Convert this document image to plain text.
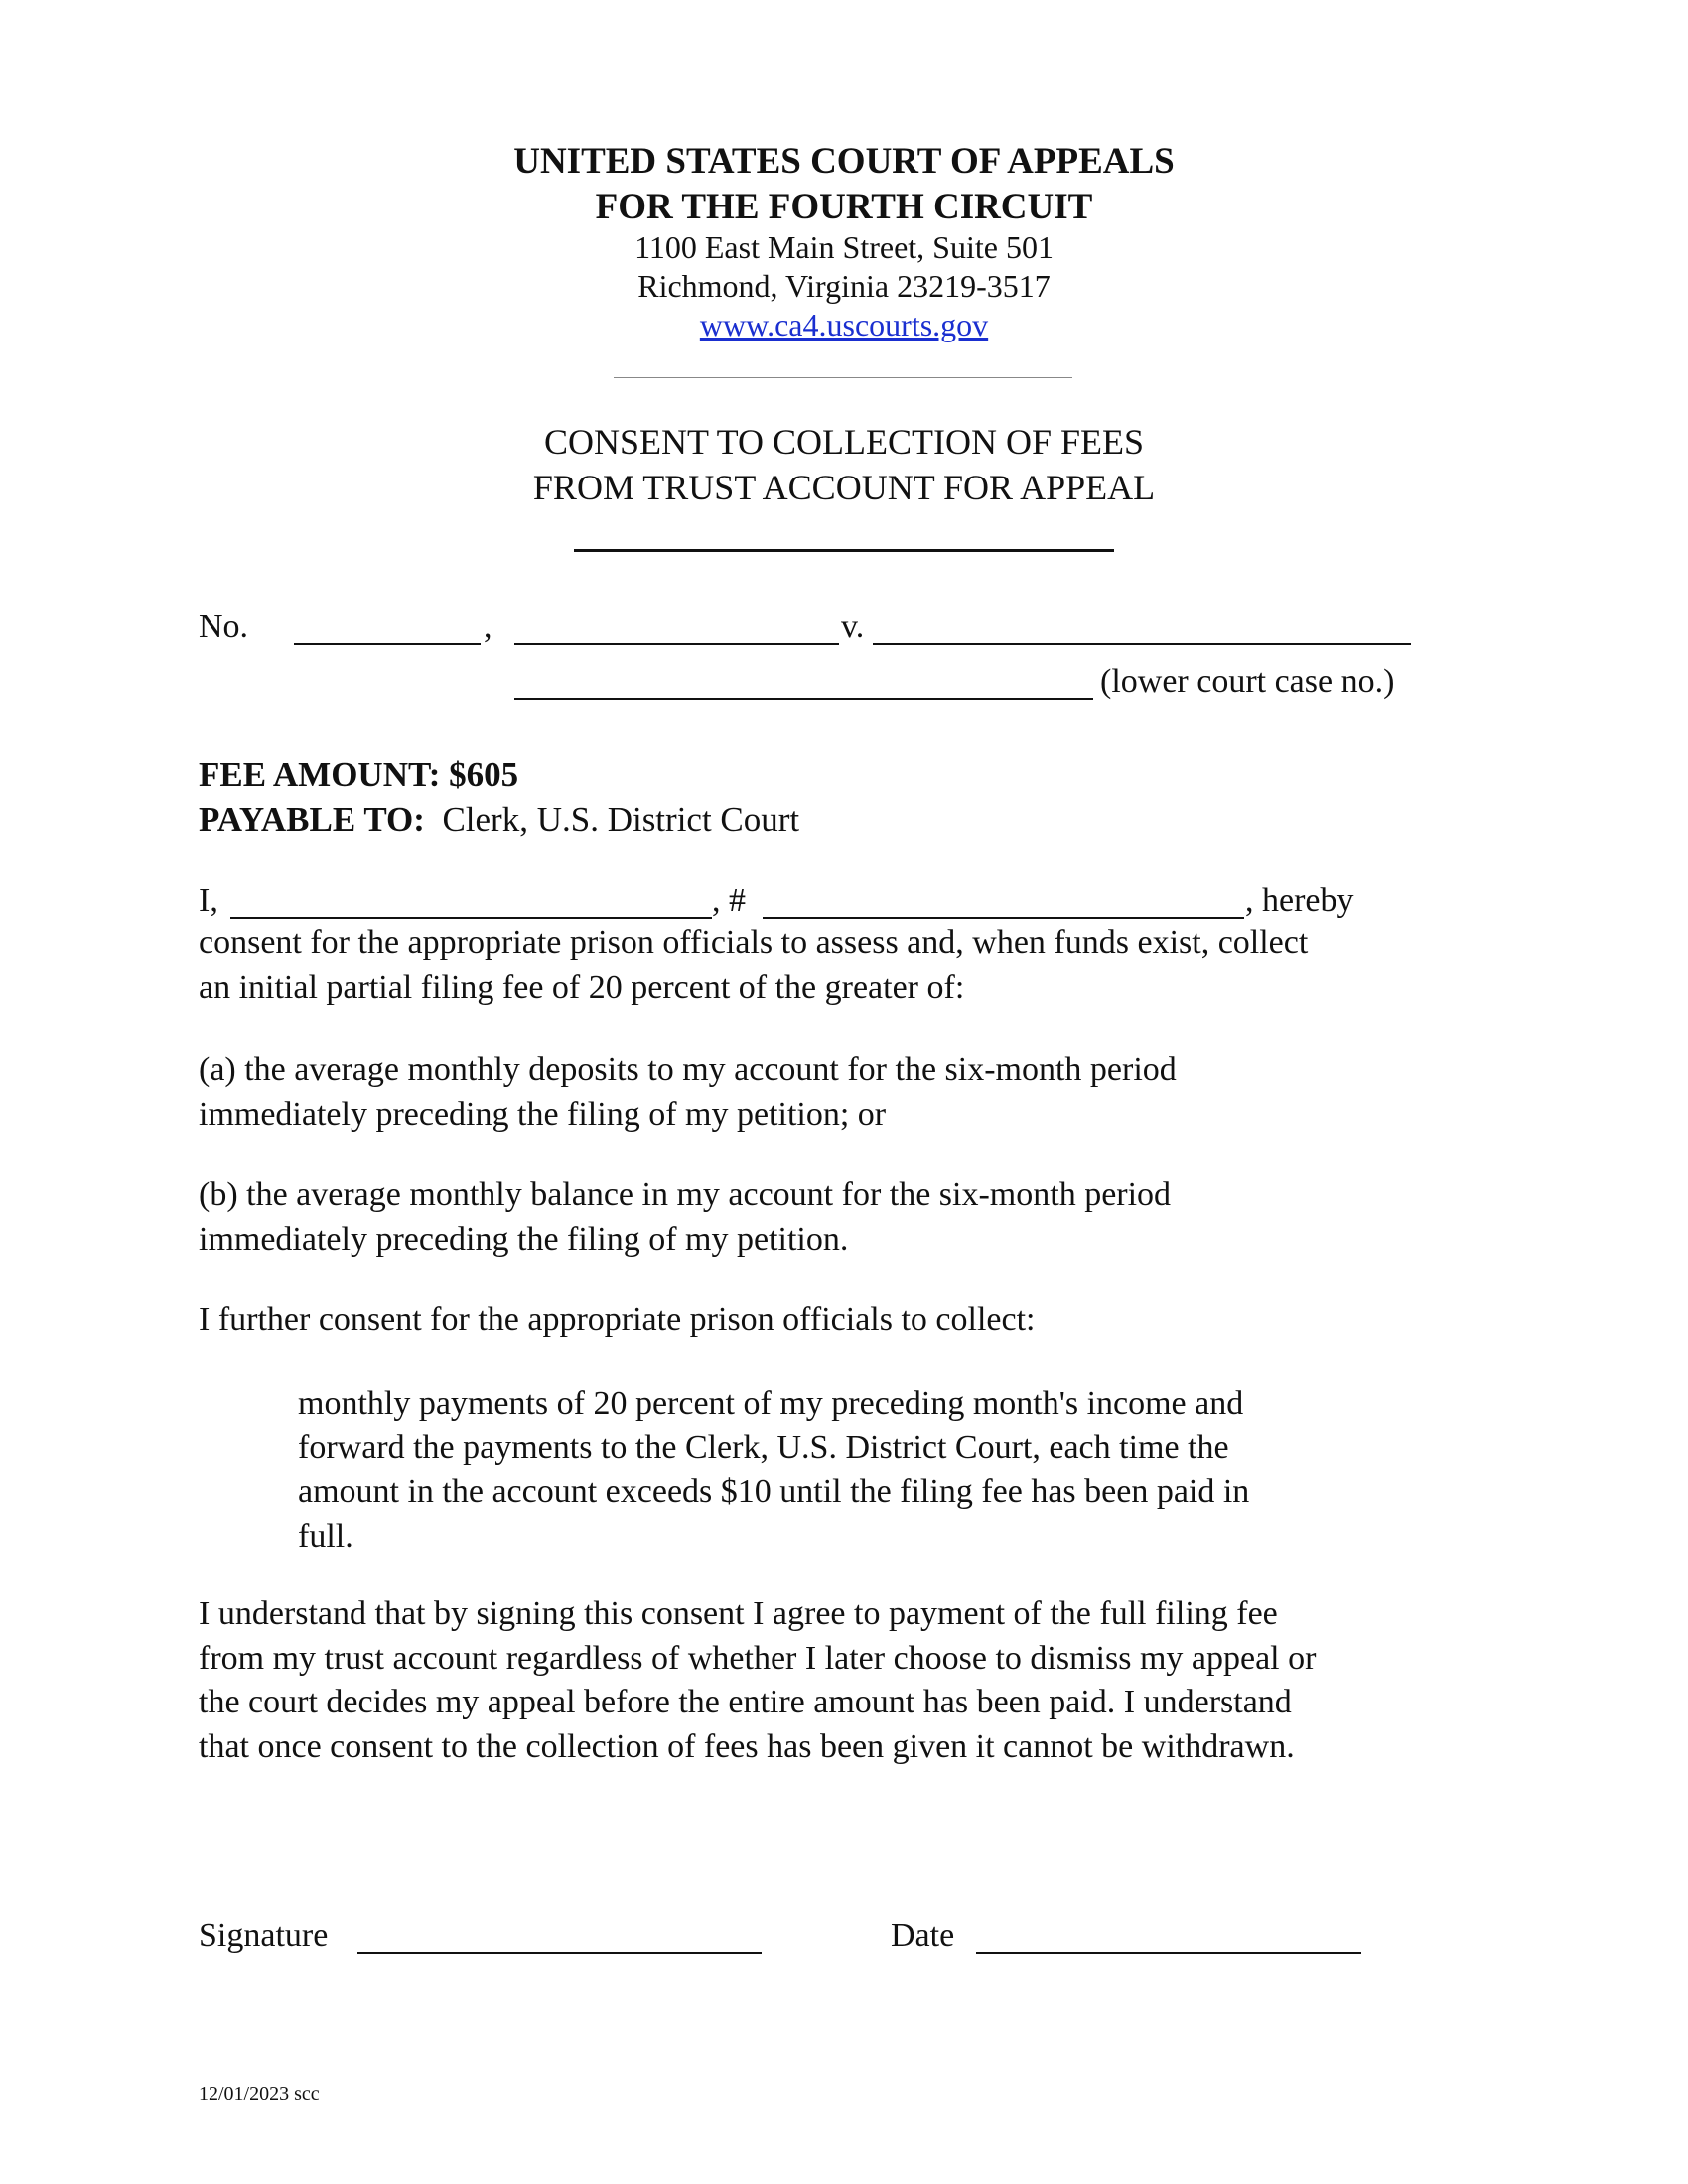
UNITED STATES COURT OF APPEALS
FOR THE FOURTH CIRCUIT
1100 East Main Street, Suite 501
Richmond, Virginia 23219-3517
www.ca4.uscourts.gov
CONSENT TO COLLECTION OF FEES
FROM TRUST ACCOUNT FOR APPEAL
No.	,	v.
(lower court case no.)
FEE AMOUNT: $605
PAYABLE TO: Clerk, U.S. District Court
I,	, #	, hereby
consent for the appropriate prison officials to assess and, when funds exist, collect
an initial partial filing fee of 20 percent of the greater of:
(a) the average monthly deposits to my account for the six-month period
immediately preceding the filing of my petition; or
(b) the average monthly balance in my account for the six-month period
immediately preceding the filing of my petition.
I further consent for the appropriate prison officials to collect:
monthly payments of 20 percent of my preceding month's income and
forward the payments to the Clerk, U.S. District Court, each time the
amount in the account exceeds $10 until the filing fee has been paid in
full.
I understand that by signing this consent I agree to payment of the full filing fee
from my trust account regardless of whether I later choose to dismiss my appeal or
the court decides my appeal before the entire amount has been paid. I understand
that once consent to the collection of fees has been given it cannot be withdrawn.
Signature	Date
12/01/2023 scc
